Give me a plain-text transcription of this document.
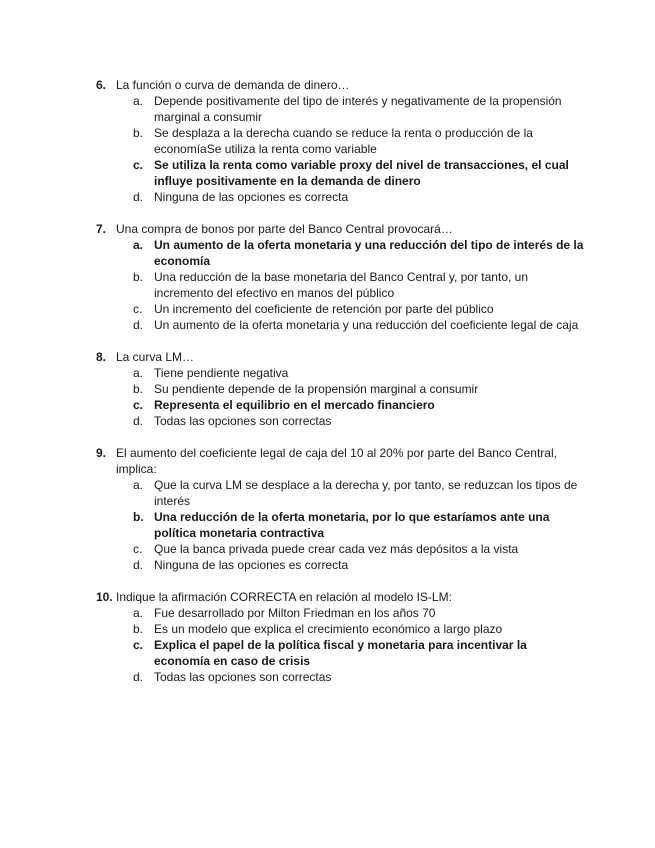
6. La función o curva de demanda de dinero…
a. Depende positivamente del tipo de interés y negativamente de la propensión marginal a consumir
b. Se desplaza a la derecha cuando se reduce la renta o producción de la economíaSe utiliza la renta como variable
c. Se utiliza la renta como variable proxy del nivel de transacciones, el cual influye positivamente en la demanda de dinero
d. Ninguna de las opciones es correcta
7. Una compra de bonos por parte del Banco Central provocará…
a. Un aumento de la oferta monetaria y una reducción del tipo de interés de la economía
b. Una reducción de la base monetaria del Banco Central y, por tanto, un incremento del efectivo en manos del público
c. Un incremento del coeficiente de retención por parte del público
d. Un aumento de la oferta monetaria y una reducción del coeficiente legal de caja
8. La curva LM…
a. Tiene pendiente negativa
b. Su pendiente depende de la propensión marginal a consumir
c. Representa el equilibrio en el mercado financiero
d. Todas las opciones son correctas
9. El aumento del coeficiente legal de caja del 10 al 20% por parte del Banco Central, implica:
a. Que la curva LM se desplace a la derecha y, por tanto, se reduzcan los tipos de interés
b. Una reducción de la oferta monetaria, por lo que estaríamos ante una política monetaria contractiva
c. Que la banca privada puede crear cada vez más depósitos a la vista
d. Ninguna de las opciones es correcta
10. Indique la afirmación CORRECTA en relación al modelo IS-LM:
a. Fue desarrollado por Milton Friedman en los años 70
b. Es un modelo que explica el crecimiento económico a largo plazo
c. Explica el papel de la política fiscal y monetaria para incentivar la economía en caso de crisis
d. Todas las opciones son correctas
